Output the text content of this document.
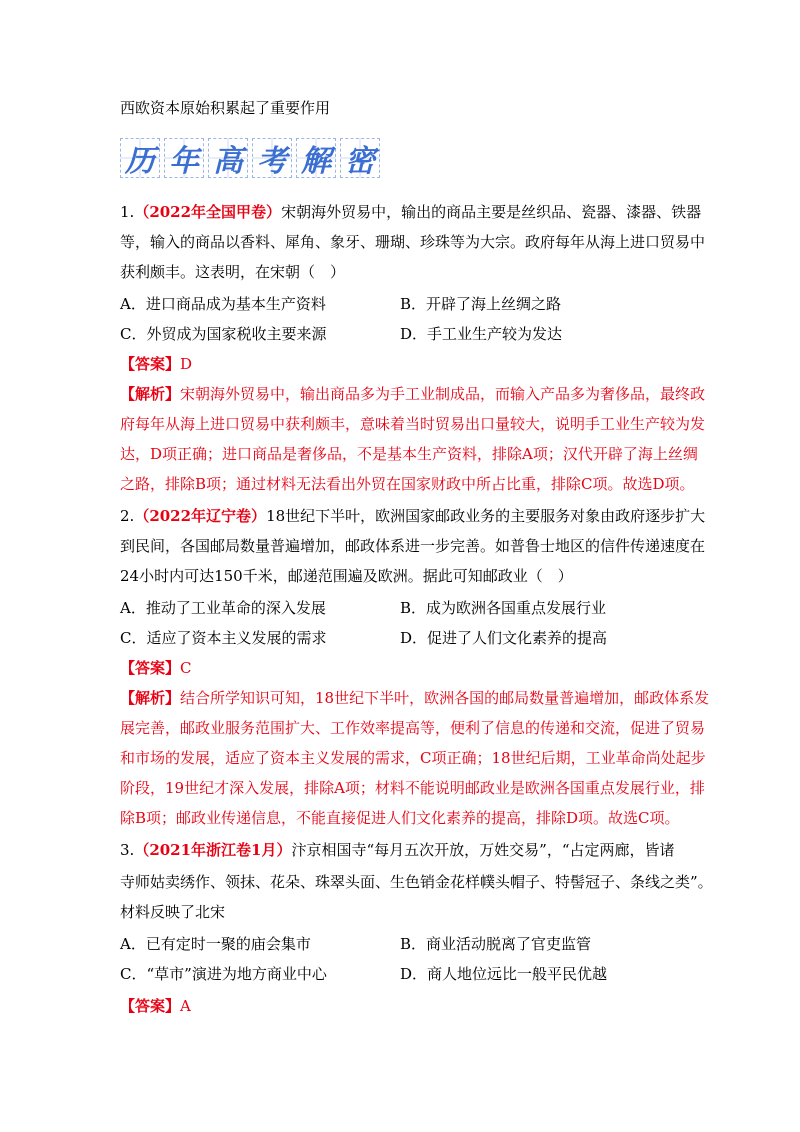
西欧资本原始积累起了重要作用
历 年 高 考 解 密
1.（2022年全国甲卷）宋朝海外贸易中，输出的商品主要是丝织品、瓷器、漆器、铁器
等，输入的商品以香料、犀角、象牙、珊瑚、珍珠等为大宗。政府每年从海上进口贸易中
获利颇丰。这表明，在宋朝（　）
A．进口商品成为基本生产资料	B．开辟了海上丝绸之路
C．外贸成为国家税收主要来源	D．手工业生产较为发达
【答案】D
【解析】宋朝海外贸易中，输出商品多为手工业制成品，而输入产品多为奢侈品，最终政
府每年从海上进口贸易中获利颇丰，意味着当时贸易出口量较大，说明手工业生产较为发
达，D项正确；进口商品是奢侈品，不是基本生产资料，排除A项；汉代开辟了海上丝绸
之路，排除B项；通过材料无法看出外贸在国家财政中所占比重，排除C项。故选D项。
2.（2022年辽宁卷）18世纪下半叶，欧洲国家邮政业务的主要服务对象由政府逐步扩大
到民间，各国邮局数量普遍增加，邮政体系进一步完善。如普鲁士地区的信件传递速度在
24小时内可达150千米，邮递范围遍及欧洲。据此可知邮政业（　）
A．推动了工业革命的深入发展	B．成为欧洲各国重点发展行业
C．适应了资本主义发展的需求	D．促进了人们文化素养的提高
【答案】C
【解析】结合所学知识可知，18世纪下半叶，欧洲各国的邮局数量普遍增加，邮政体系发
展完善，邮政业服务范围扩大、工作效率提高等，便利了信息的传递和交流，促进了贸易
和市场的发展，适应了资本主义发展的需求，C项正确；18世纪后期，工业革命尚处起步
阶段，19世纪才深入发展，排除A项；材料不能说明邮政业是欧洲各国重点发展行业，排
除B项；邮政业传递信息，不能直接促进人们文化素养的提高，排除D项。故选C项。
3.（2021年浙江卷1月）汴京相国寺“每月五次开放，万姓交易”，“占定两廊，皆诸
寺师姑卖绣作、领抹、花朵、珠翠头面、生色销金花样幞头帽子、特髻冠子、条线之类”。
材料反映了北宋
A．已有定时一聚的庙会集市	B．商业活动脱离了官吏监管
C．“草市”演进为地方商业中心	D．商人地位远比一般平民优越
【答案】A
